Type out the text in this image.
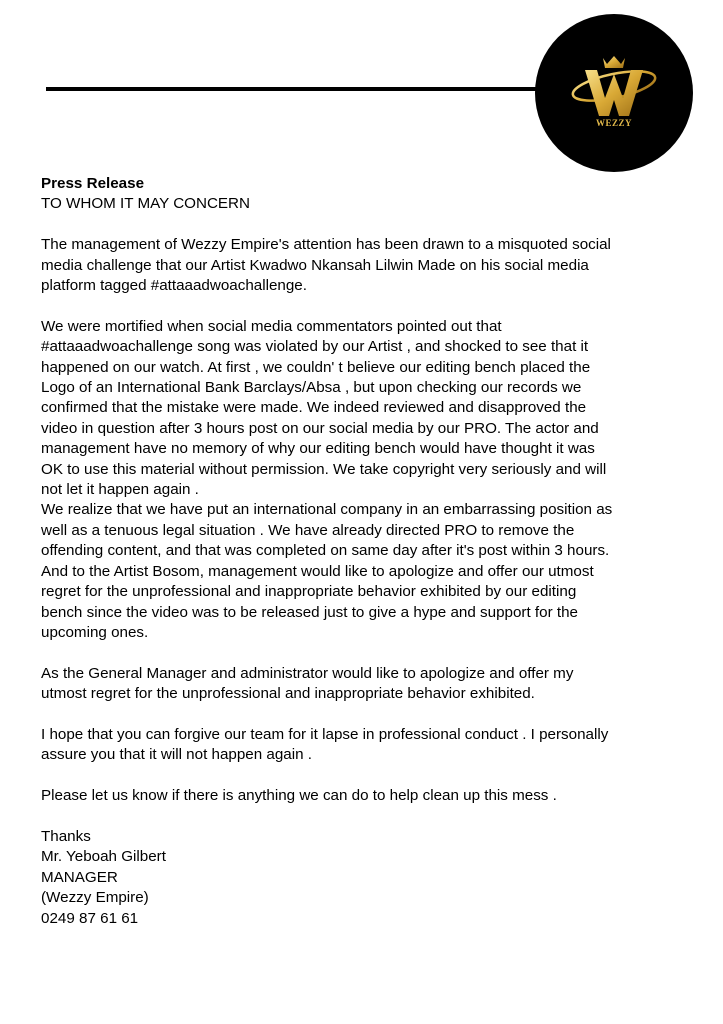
WEZZY

Press Release

TO WHOM IT MAY CONCERN

The management of Wezzy Empire's attention has been drawn to a misquoted social
media challenge that our Artist Kwadwo Nkansah Lilwin Made on his social media
platform tagged #attaaadwoachallenge.

We were mortified when social media commentators pointed out that
#attaaadwoachallenge song was violated by our Artist , and shocked to see that it
happened on our watch. At first , we couldn' t believe our editing bench placed the
Logo of an International Bank Barclays/Absa , but upon checking our records we
confirmed that the mistake were made. We indeed reviewed and disapproved the
video in question after 3 hours post on our social media by our PRO. The actor and
management have no memory of why our editing bench would have thought it was
OK to use this material without permission. We take copyright very seriously and will
not let it happen again .

We realize that we have put an international company in an embarrassing position as
well as a tenuous legal situation . We have already directed PRO to remove the
offending content, and that was completed on same day after it's post within 3 hours.
And to the Artist Bosom, management would like to apologize and offer our utmost
regret for the unprofessional and inappropriate behavior exhibited by our editing
bench since the video was to be released just to give a hype and support for the
upcoming ones.

As the General Manager and administrator would like to apologize and offer my
utmost regret for the unprofessional and inappropriate behavior exhibited.

I hope that you can forgive our team for it lapse in professional conduct . I personally
assure you that it will not happen again .

Please let us know if there is anything we can do to help clean up this mess .

Thanks

Mr. Yeboah Gilbert

MANAGER

(Wezzy Empire)

0249 87 61 61
